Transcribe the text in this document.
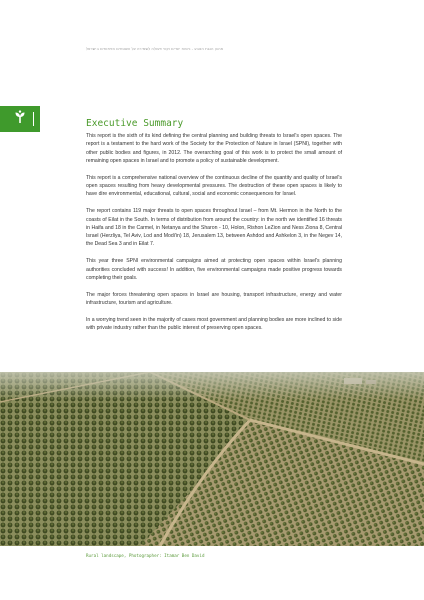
ארגון הגנת הטבע - ניסוח יעדים וקווי פעולה לשמירה על השטחים הפתוחים בישראל
Executive Summary

This report is the sixth of its kind defining the central planning and building threats to Israel's open spaces. The report is a testament to the hard work of the Society for the Protection of Nature in Israel (SPNI), together with other public bodies and figures, in 2012. The overarching goal of this work is to protect the small amount of remaining open spaces in Israel and to promote a policy of sustainable development.

This report is a comprehensive national overview of the continuous decline of the quantity and quality of Israel's open spaces resulting from heavy developmental pressures. The destruction of these open spaces is likely to have dire environmental, educational, cultural, social and economic consequences for Israel.

The report contains 119 major threats to open spaces throughout Israel – from Mt. Hermon in the North to the coasts of Eilat in the South. In terms of distribution from around the country: in the north we identified 16 threats in Haifa and 18 in the Carmel, in Netanya and the Sharon - 10, Holon, Rishon LeZion and Ness Ziona 8, Central Israel (Herzliya, Tel Aviv, Lod and Modi'in) 18, Jerusalem 13, between Ashdod and Ashkelon 3, in the Negev 14, the Dead Sea 3 and in Eilat 7.

This year three SPNI environmental campaigns aimed at protecting open spaces within Israel's planning authorities concluded with success! In addition, five environmental campaigns made positive progress towards completing their goals.

The major forces threatening open spaces in Israel are housing, transport infrastructure, energy and water infrastructure, tourism and agriculture.

In a worrying trend seen in the majority of cases most government and planning bodies are more inclined to side with private industry rather than the public interest of preserving open spaces.

Rural landscape, Photographer: Itamar Ben David
